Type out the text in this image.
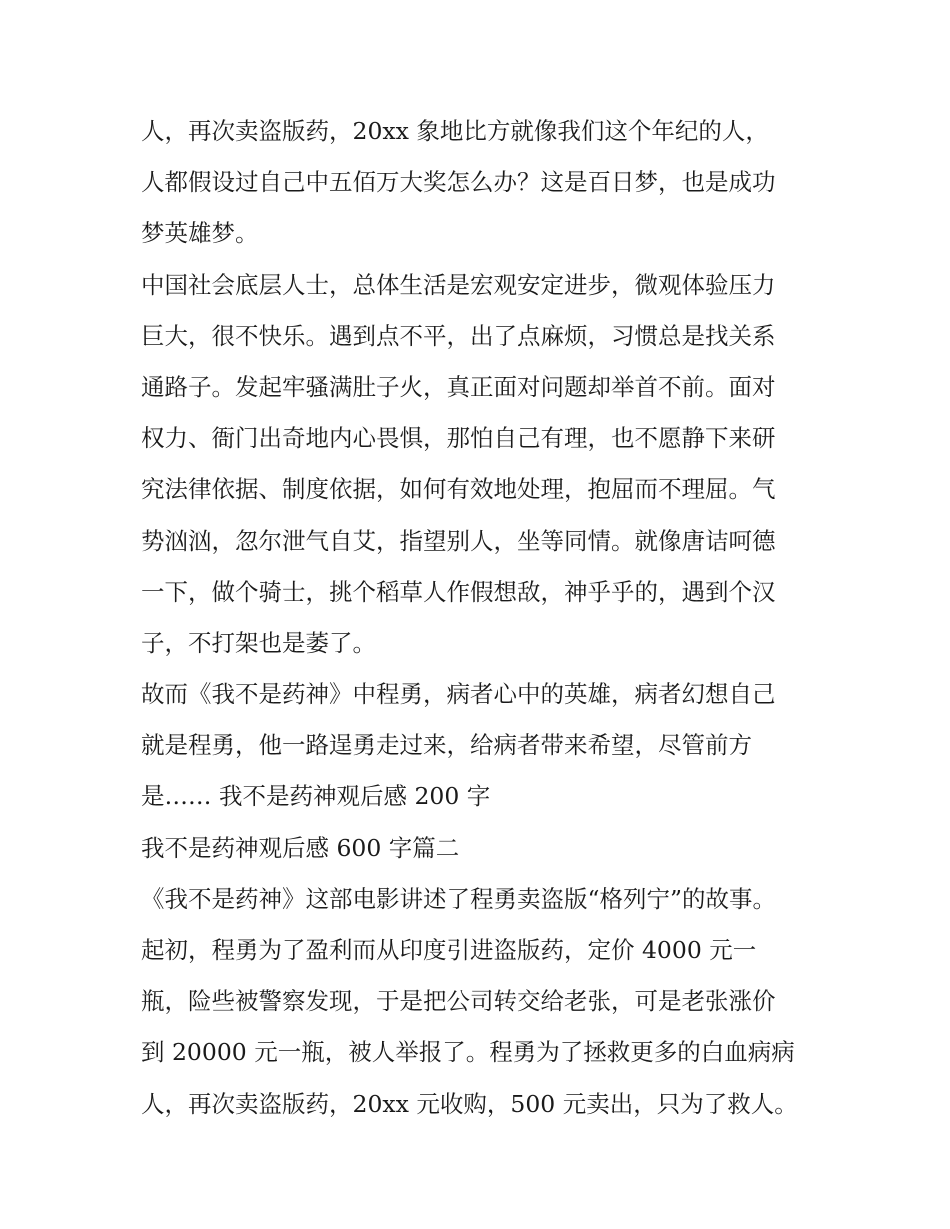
人，再次卖盗版药，20xx 象地比方就像我们这个年纪的人，
人都假设过自己中五佰万大奖怎么办？这是百日梦，也是成功
梦英雄梦。
中国社会底层人士，总体生活是宏观安定进步，微观体验压力
巨大，很不快乐。遇到点不平，出了点麻烦，习惯总是找关系
通路子。发起牢骚满肚子火，真正面对问题却举首不前。面对
权力、衙门出奇地内心畏惧，那怕自己有理，也不愿静下来研
究法律依据、制度依据，如何有效地处理，抱屈而不理屈。气
势汹汹，忽尔泄气自艾，指望别人，坐等同情。就像唐诘呵德
一下，做个骑士，挑个稻草人作假想敌，神乎乎的，遇到个汉
子，不打架也是萎了。
故而《我不是药神》中程勇，病者心中的英雄，病者幻想自己
就是程勇，他一路逞勇走过来，给病者带来希望，尽管前方
是…… 我不是药神观后感 200 字
我不是药神观后感 600 字篇二
《我不是药神》这部电影讲述了程勇卖盗版“格列宁”的故事。
起初，程勇为了盈利而从印度引进盗版药，定价 4000 元一
瓶，险些被警察发现，于是把公司转交给老张，可是老张涨价
到 20000 元一瓶，被人举报了。程勇为了拯救更多的白血病病
人，再次卖盗版药，20xx 元收购，500 元卖出，只为了救人。
